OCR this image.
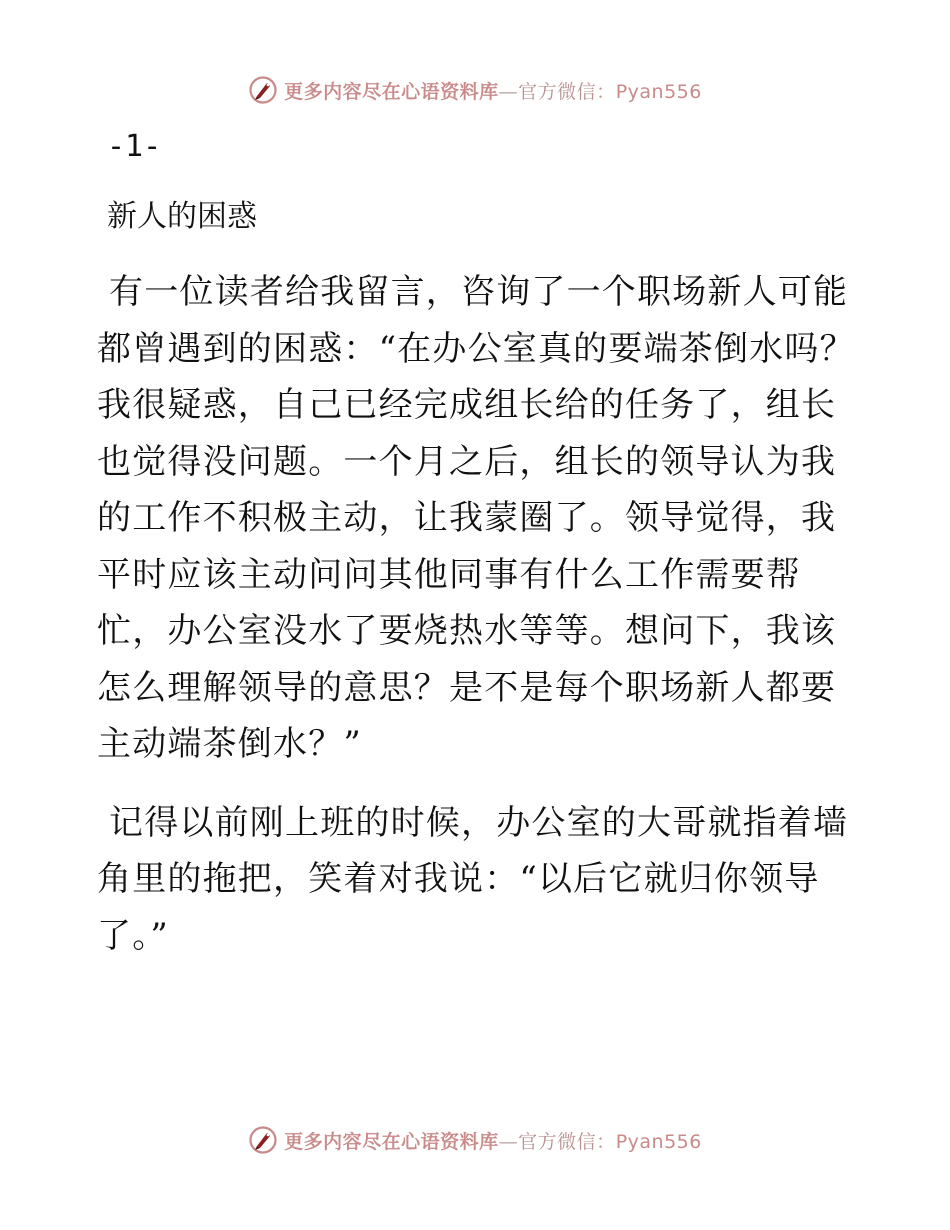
更多内容尽在心语资料库—官方微信：Pyan556
-1-
新人的困惑

有一位读者给我留言，咨询了一个职场新人可能都曾遇到的困惑：“在办公室真的要端茶倒水吗？我很疑惑，自己已经完成组长给的任务了，组长也觉得没问题。一个月之后，组长的领导认为我的工作不积极主动，让我蒙圈了。领导觉得，我平时应该主动问问其他同事有什么工作需要帮忙，办公室没水了要烧热水等等。想问下，我该怎么理解领导的意思？是不是每个职场新人都要主动端茶倒水？”

记得以前刚上班的时候，办公室的大哥就指着墙角里的拖把，笑着对我说：“以后它就归你领导了。”

更多内容尽在心语资料库—官方微信：Pyan556
